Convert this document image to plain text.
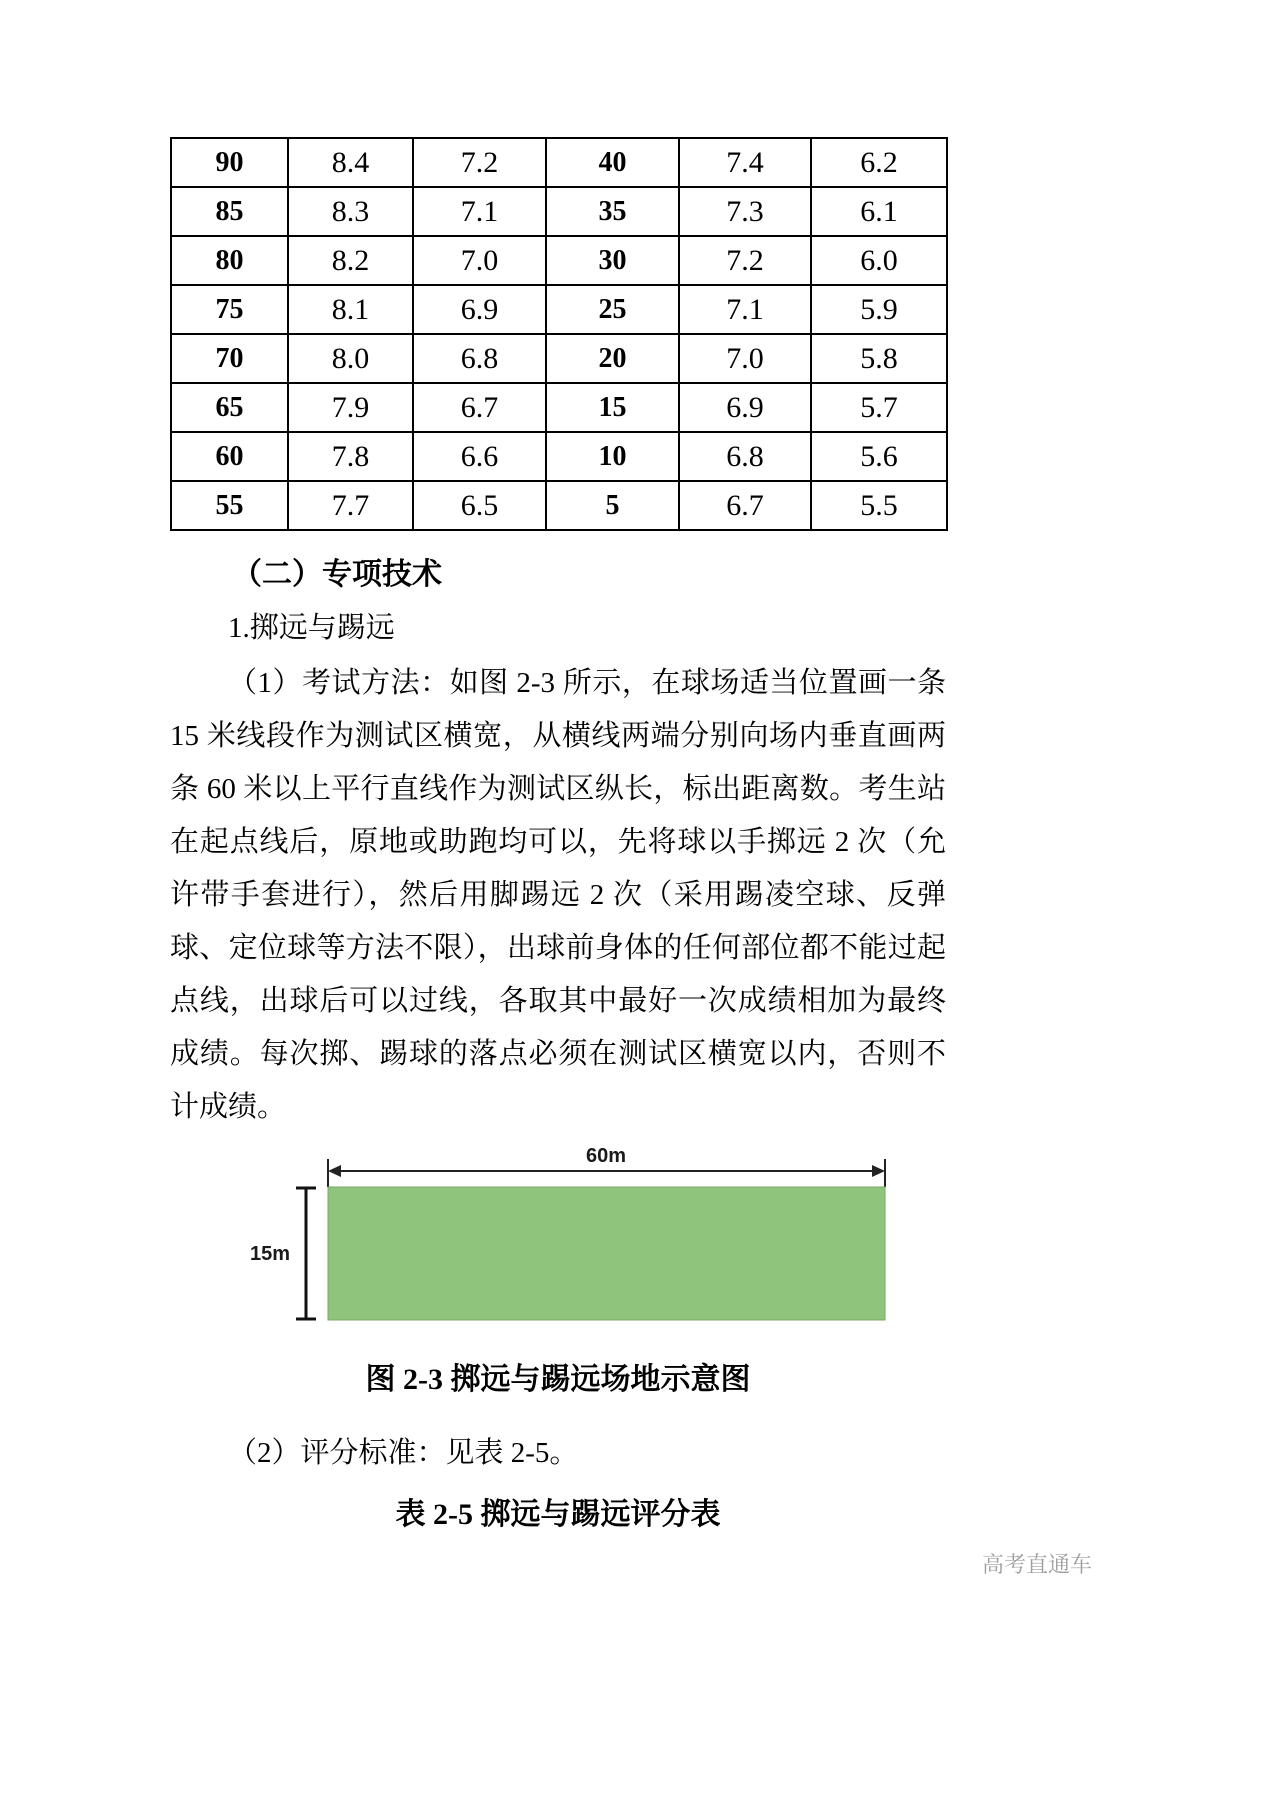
90	8.4	7.2	40	7.4	6.2
85	8.3	7.1	35	7.3	6.1
80	8.2	7.0	30	7.2	6.0
75	8.1	6.9	25	7.1	5.9
70	8.0	6.8	20	7.0	5.8
65	7.9	6.7	15	6.9	5.7
60	7.8	6.6	10	6.8	5.6
55	7.7	6.5	5	6.7	5.5
（二）专项技术
1.掷远与踢远

（1）考试方法：如图 2-3 所示，在球场适当位置画一条 15 米线段作为测试区横宽，从横线两端分别向场内垂直画两条 60 米以上平行直线作为测试区纵长，标出距离数。考生站在起点线后，原地或助跑均可以，先将球以手掷远 2 次（允许带手套进行），然后用脚踢远 2 次（采用踢凌空球、反弹球、定位球等方法不限），出球前身体的任何部位都不能过起点线，出球后可以过线，各取其中最好一次成绩相加为最终成绩。每次掷、踢球的落点必须在测试区横宽以内，否则不计成绩。

60m
15m
图 2-3 掷远与踢远场地示意图

（2）评分标准：见表 2-5。

表 2-5 掷远与踢远评分表
高考直通车
